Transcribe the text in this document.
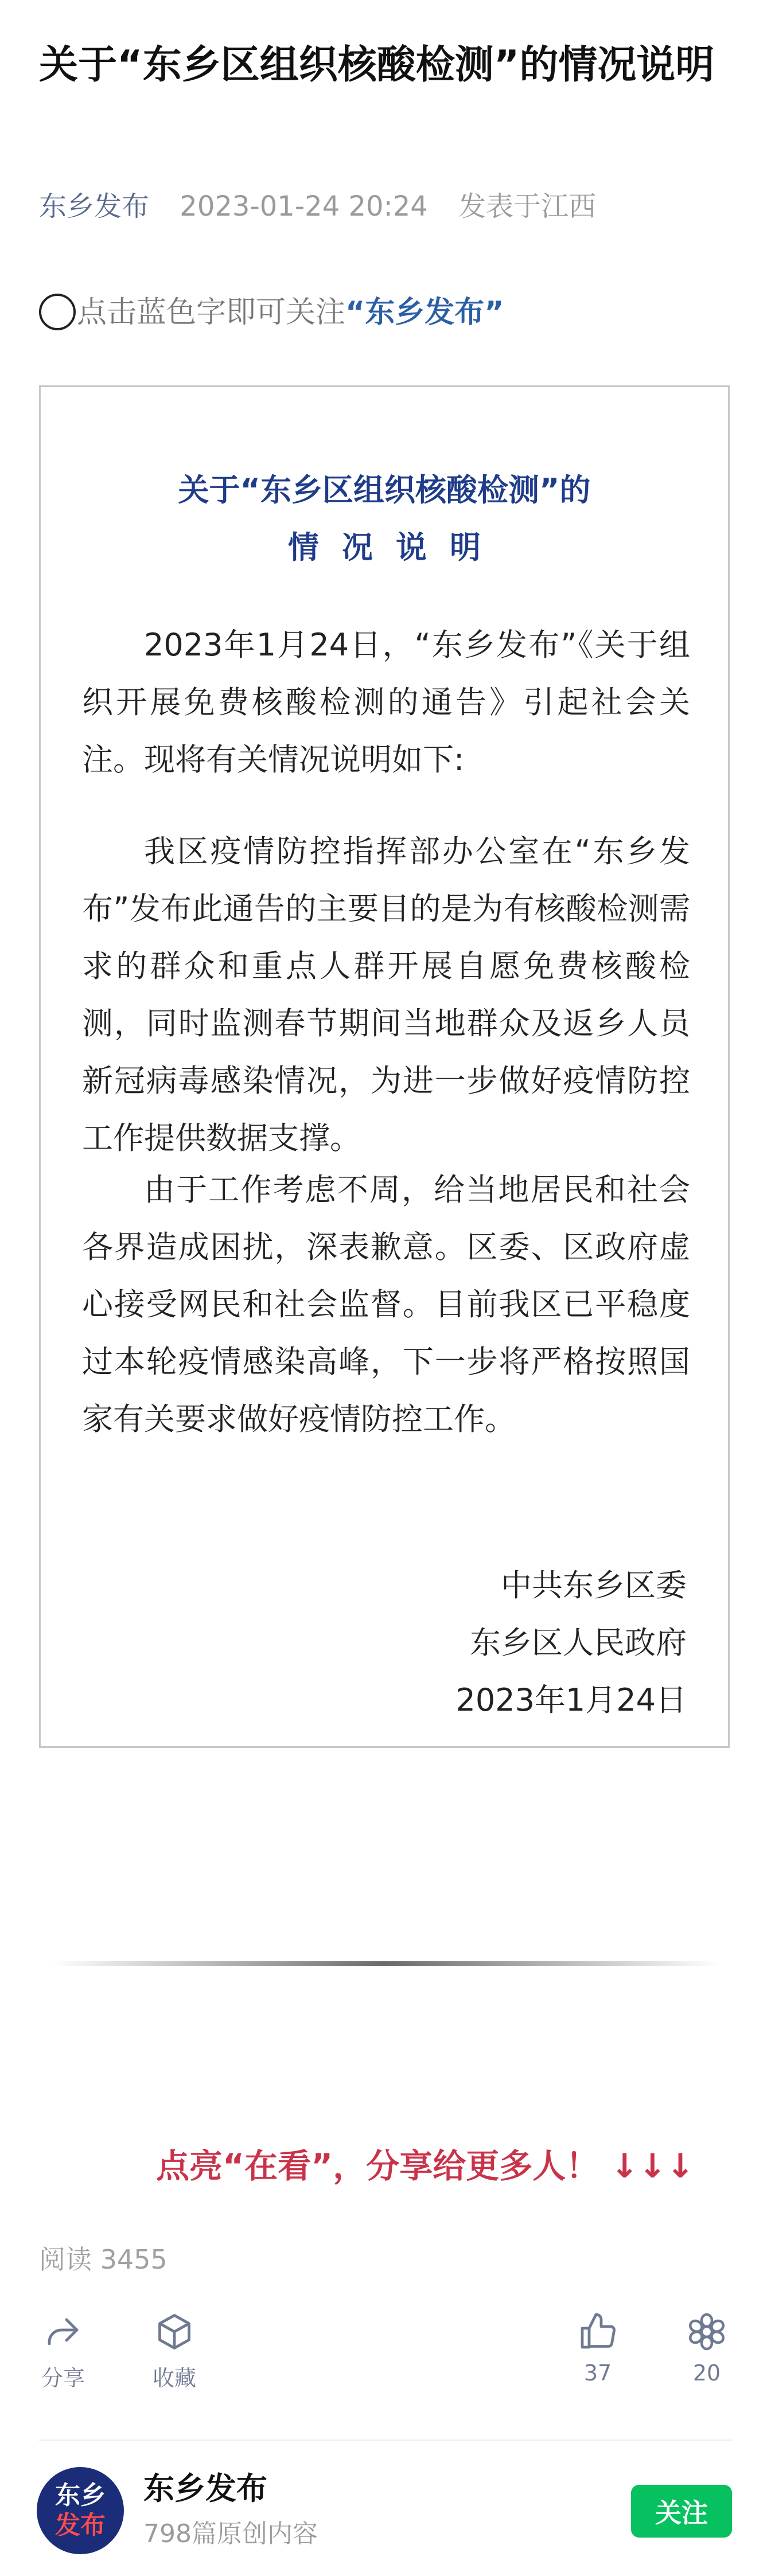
关于“东乡区组织核酸检测”的情况说明
东乡发布 2023-01-24 20:24 发表于江西
点击蓝色字即可关注“东乡发布”
关于“东乡区组织核酸检测”的
情况说明

2023年1月24日，“东乡发布”《关于组织开展免费核酸检测的通告》引起社会关注。现将有关情况说明如下:

我区疫情防控指挥部办公室在“东乡发布”发布此通告的主要目的是为有核酸检测需求的群众和重点人群开展自愿免费核酸检测，同时监测春节期间当地群众及返乡人员新冠病毒感染情况，为进一步做好疫情防控工作提供数据支撑。

由于工作考虑不周，给当地居民和社会各界造成困扰，深表歉意。区委、区政府虚心接受网民和社会监督。目前我区已平稳度过本轮疫情感染高峰，下一步将严格按照国家有关要求做好疫情防控工作。

中共东乡区委
东乡区人民政府
2023年1月24日
点亮“在看”，分享给更多人！ ↓↓↓
阅读 3455
分享	收藏	37	20
东乡
发布
东乡发布
798篇原创内容
关注
